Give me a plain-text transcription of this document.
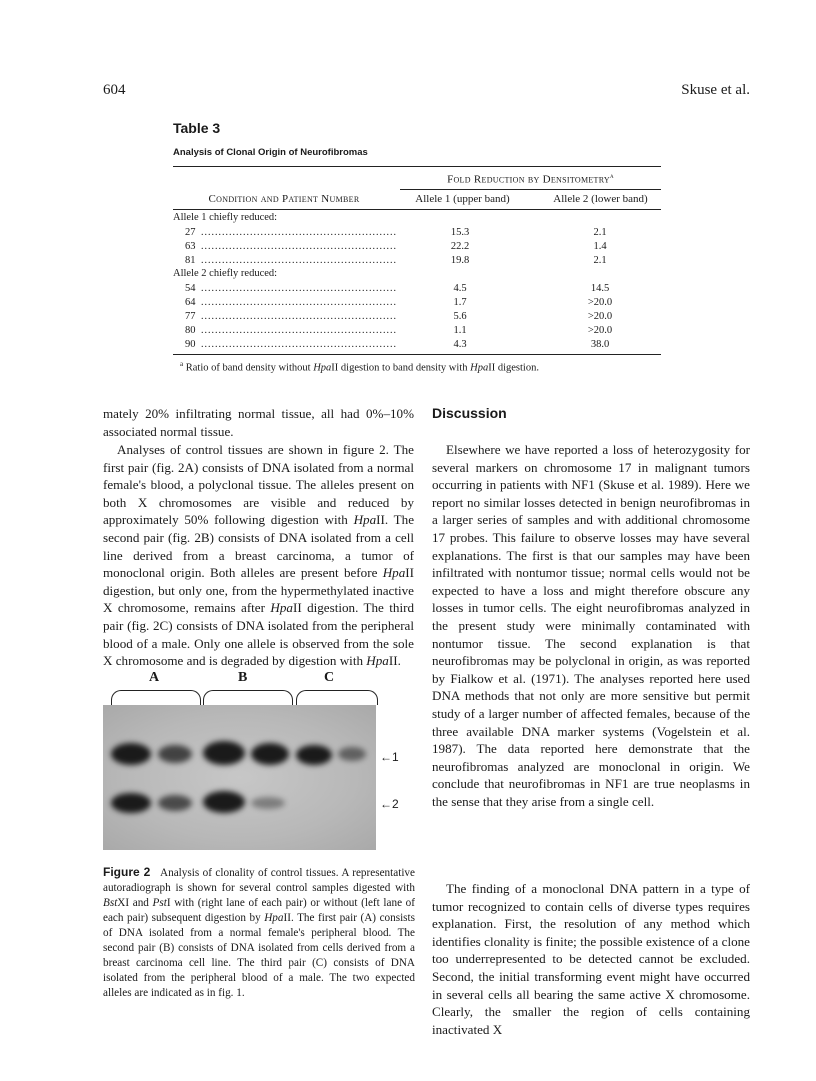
604	Skuse et al.
Table 3
Analysis of Clonal Origin of Neurofibromas
Fold Reduction by Densitometry$^a$
Condition and Patient Number	Allele 1 (upper band)	Allele 2 (lower band)
Allele 1 chiefly reduced:
27 ........................................................	15.3	2.1
63 ........................................................	22.2	1.4
81 ........................................................	19.8	2.1
Allele 2 chiefly reduced:
54 ........................................................	4.5	14.5
64 ........................................................	1.7	>20.0
77 ........................................................	5.6	>20.0
80 ........................................................	1.1	>20.0
90 ........................................................	4.3	38.0
$^a$ Ratio of band density without HpaII digestion to band density with HpaII digestion.
mately 20% infiltrating normal tissue, all had 0%–10% associated normal tissue.
Analyses of control tissues are shown in figure 2. The first pair (fig. 2A) consists of DNA isolated from a normal female's blood, a polyclonal tissue. The alleles present on both X chromosomes are visible and reduced by approximately 50% following digestion with HpaII. The second pair (fig. 2B) consists of DNA isolated from a cell line derived from a breast carcinoma, a tumor of monoclonal origin. Both alleles are present before HpaII digestion, but only one, from the hypermethylated inactive X chromosome, remains after HpaII digestion. The third pair (fig. 2C) consists of DNA isolated from the peripheral blood of a male. Only one allele is observed from the sole X chromosome and is degraded by digestion with HpaII.
A	B	C
←1
←2
Figure 2 Analysis of clonality of control tissues. A representative autoradiograph is shown for several control samples digested with BstXI and PstI with (right lane of each pair) or without (left lane of each pair) subsequent digestion by HpaII. The first pair (A) consists of DNA isolated from a normal female's peripheral blood. The second pair (B) consists of DNA isolated from cells derived from a breast carcinoma cell line. The third pair (C) consists of DNA isolated from the peripheral blood of a male. The two expected alleles are indicated as in fig. 1.
Discussion
Elsewhere we have reported a loss of heterozygosity for several markers on chromosome 17 in malignant tumors occurring in patients with NF1 (Skuse et al. 1989). Here we report no similar losses detected in benign neurofibromas in a larger series of samples and with additional chromosome 17 probes. This failure to observe losses may have several explanations. The first is that our samples may have been infiltrated with nontumor tissue; normal cells would not be expected to have a loss and might therefore obscure any losses in tumor cells. The eight neurofibromas analyzed in the present study were minimally contaminated with nontumor tissue. The second explanation is that neurofibromas may be polyclonal in origin, as was reported by Fialkow et al. (1971). The analyses reported here used DNA methods that not only are more sensitive but permit study of a larger number of affected females, because of the three available DNA marker systems (Vogelstein et al. 1987). The data reported here demonstrate that the neurofibromas analyzed are monoclonal in origin. We conclude that neurofibromas in NF1 are true neoplasms in the sense that they arise from a single cell.
The finding of a monoclonal DNA pattern in a type of tumor recognized to contain cells of diverse types requires explanation. First, the resolution of any method which identifies clonality is finite; the possible existence of a clone too underrepresented to be detected cannot be excluded. Second, the initial transforming event might have occurred in several cells all bearing the same active X chromosome. Clearly, the smaller the region of cells containing inactivated X
